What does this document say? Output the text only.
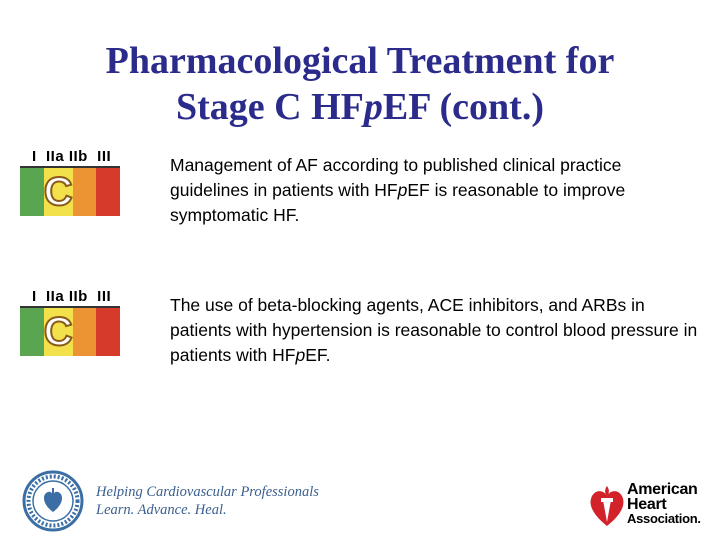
Pharmacological Treatment for
Stage C HFpEF (cont.)
I  IIa IIb  III
C
Management of AF according to published clinical practice guidelines in patients with HFpEF is reasonable to improve symptomatic HF.
I  IIa IIb  III
C
The use of beta-blocking agents, ACE inhibitors, and ARBs in patients with hypertension is reasonable to control blood pressure in patients with HFpEF.
Helping Cardiovascular Professionals
Learn. Advance. Heal.
American
Heart
Association.
